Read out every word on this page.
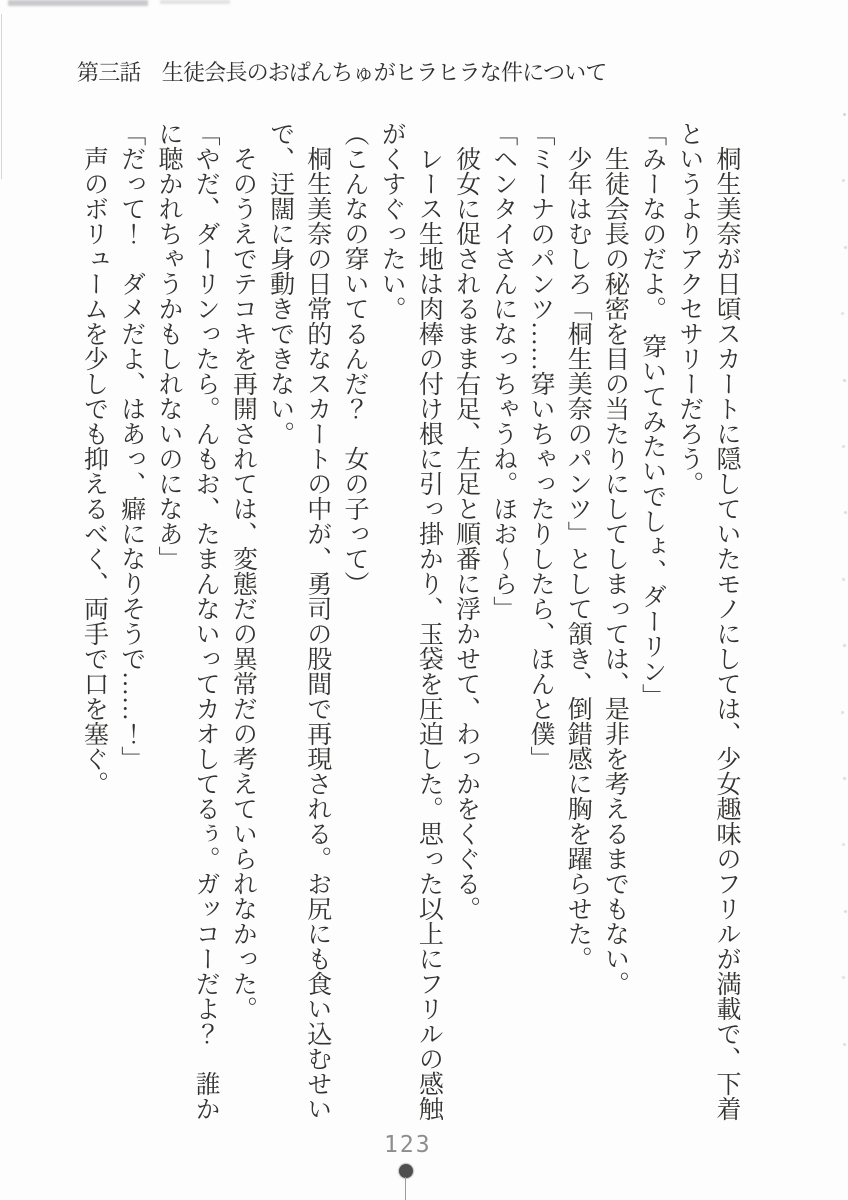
第三話　生徒会長のおぱんちゅがヒラヒラな件について

　桐生美奈が日頃スカートに隠していたモノにしては、少女趣味のフリルが満載で、下着というよりアクセサリーだろう。

「みーなのだよ。　穿いてみたいでしょ、ダーリン」

　生徒会長の秘密を目の当たりにしてしまっては、是非を考えるまでもない。

　少年はむしろ「桐生美奈のパンツ」として頷き、倒錯感に胸を躍らせた。

「ミーナのパンツ……穿いちゃったりしたら、ほんと僕」

「ヘンタイさんになっちゃうね。ほお〜ら」

　彼女に促されるまま右足、左足と順番に浮かせて、わっかをくぐる。

　レース生地は肉棒の付け根に引っ掛かり、玉袋を圧迫した。思った以上にフリルの感触がくすぐったい。

（こんなの穿いてるんだ？　女の子って）

　桐生美奈の日常的なスカートの中が、勇司の股間で再現される。お尻にも食い込むせいで、迂闊に身動きできない。

　そのうえでテコキを再開されては、変態だの異常だの考えていられなかった。

「やだ、ダーリンったら。んもお、たまんないってカオしてるぅ。ガッコーだよ？　誰かに聴かれちゃうかもしれないのになあ」

「だって！　ダメだよ、はあっ、癖になりそうで……！」

　声のボリュームを少しでも抑えるべく、両手で口を塞ぐ。

123
